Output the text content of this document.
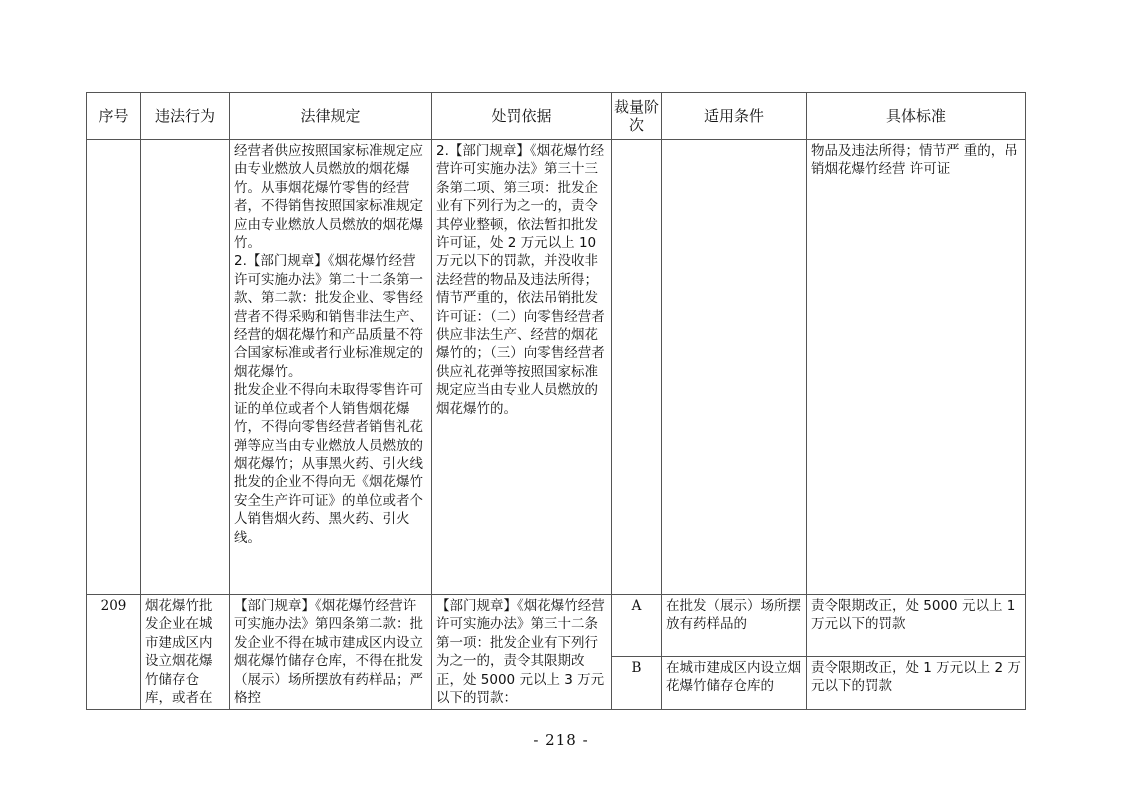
序号	违法行为	法律规定	处罚依据	裁量阶次	适用条件	具体标准

		经营者供应按照国家标准规定应由专业燃放人员燃放的烟花爆竹。从事烟花爆竹零售的经营者，不得销售按照国家标准规定应由专业燃放人员燃放的烟花爆竹。
2.【部门规章】《烟花爆竹经营许可实施办法》第二十二条第一款、第二款：批发企业、零售经营者不得采购和销售非法生产、经营的烟花爆竹和产品质量不符合国家标准或者行业标准规定的烟花爆竹。
批发企业不得向未取得零售许可证的单位或者个人销售烟花爆竹，不得向零售经营者销售礼花弹等应当由专业燃放人员燃放的烟花爆竹；从事黑火药、引火线批发的企业不得向无《烟花爆竹安全生产许可证》的单位或者个人销售烟火药、黑火药、引火线。	2.【部门规章】《烟花爆竹经营许可实施办法》第三十三条第二项、第三项：批发企业有下列行为之一的，责令其停业整顿，依法暂扣批发许可证，处 2 万元以上 10 万元以下的罚款，并没收非法经营的物品及违法所得；情节严重的，依法吊销批发许可证：（二）向零售经营者供应非法生产、经营的烟花爆竹的；（三）向零售经营者供应礼花弹等按照国家标准规定应当由专业人员燃放的烟花爆竹的。			物品及违法所得；情节严 重的，吊销烟花爆竹经营 许可证
209	烟花爆竹批发企业在城市建成区内设立烟花爆竹储存仓库，或者在	【部门规章】《烟花爆竹经营许可实施办法》第四条第二款：批发企业不得在城市建成区内设立烟花爆竹储存仓库，不得在批发（展示）场所摆放有药样品；严格控	【部门规章】《烟花爆竹经营许可实施办法》第三十二条第一项：批发企业有下列行为之一的，责令其限期改正，处 5000 元以上 3 万元以下的罚款：	A	在批发（展示）场所摆放有药样品的	责令限期改正，处 5000 元以上 1 万元以下的罚款
				B	在城市建成区内设立烟花爆竹储存仓库的	责令限期改正，处 1 万元以上 2 万元以下的罚款
- 218 -
